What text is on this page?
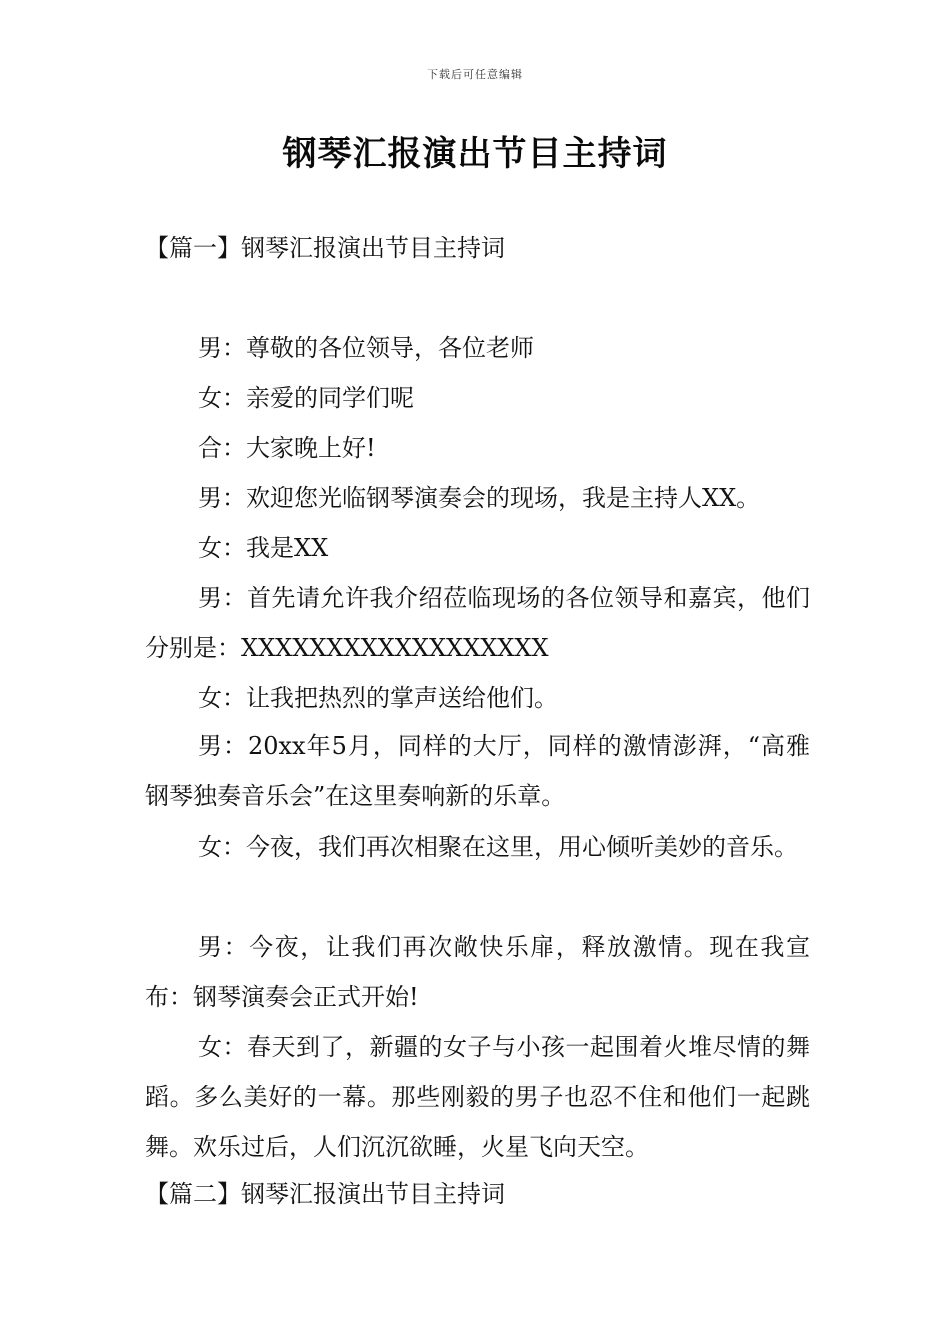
下载后可任意编辑
钢琴汇报演出节目主持词
【篇一】钢琴汇报演出节目主持词
男：尊敬的各位领导，各位老师
女：亲爱的同学们呢
合：大家晚上好!
男：欢迎您光临钢琴演奏会的现场，我是主持人XX。
女：我是XX
男：首先请允许我介绍莅临现场的各位领导和嘉宾，他们分别是：XXXXXXXXXXXXXXXXXX
女：让我把热烈的掌声送给他们。
男：20xx年5月，同样的大厅，同样的激情澎湃，“高雅钢琴独奏音乐会”在这里奏响新的乐章。
女：今夜，我们再次相聚在这里，用心倾听美妙的音乐。
男：今夜，让我们再次敞快乐扉，释放激情。现在我宣布：钢琴演奏会正式开始!
女：春天到了，新疆的女子与小孩一起围着火堆尽情的舞蹈。多么美好的一幕。那些刚毅的男子也忍不住和他们一起跳舞。欢乐过后，人们沉沉欲睡，火星飞向天空。
【篇二】钢琴汇报演出节目主持词
